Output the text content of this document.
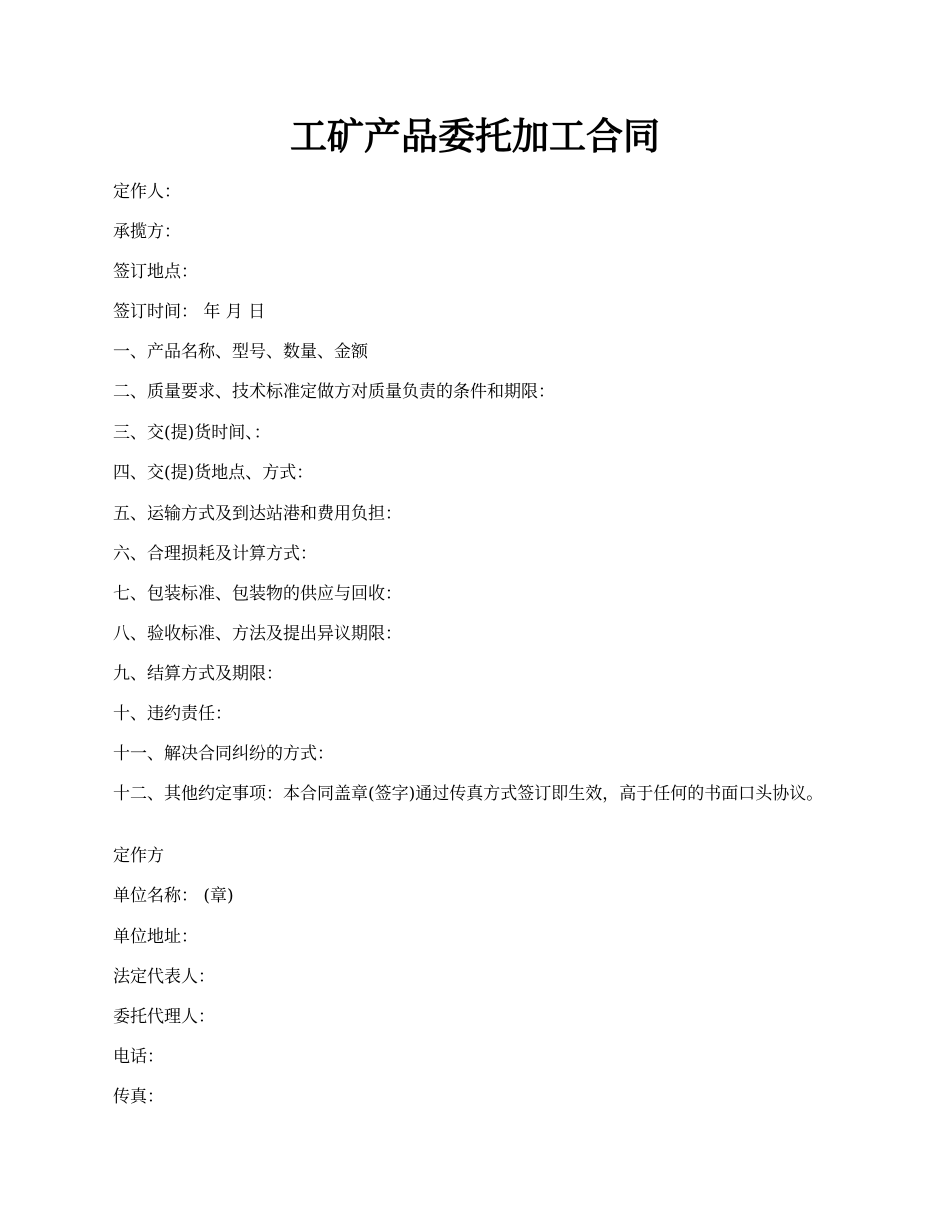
工矿产品委托加工合同
定作人：
承揽方：
签订地点：
签订时间： 年 月 日
一、产品名称、型号、数量、金额
二、质量要求、技术标准定做方对质量负责的条件和期限：
三、交(提)货时间、：
四、交(提)货地点、方式：
五、运输方式及到达站港和费用负担：
六、合理损耗及计算方式：
七、包装标准、包装物的供应与回收：
八、验收标准、方法及提出异议期限：
九、结算方式及期限：
十、违约责任：
十一、解决合同纠纷的方式：
十二、其他约定事项：本合同盖章(签字)通过传真方式签订即生效，高于任何的书面口头协议。
定作方
单位名称： (章)
单位地址：
法定代表人：
委托代理人：
电话：
传真：
